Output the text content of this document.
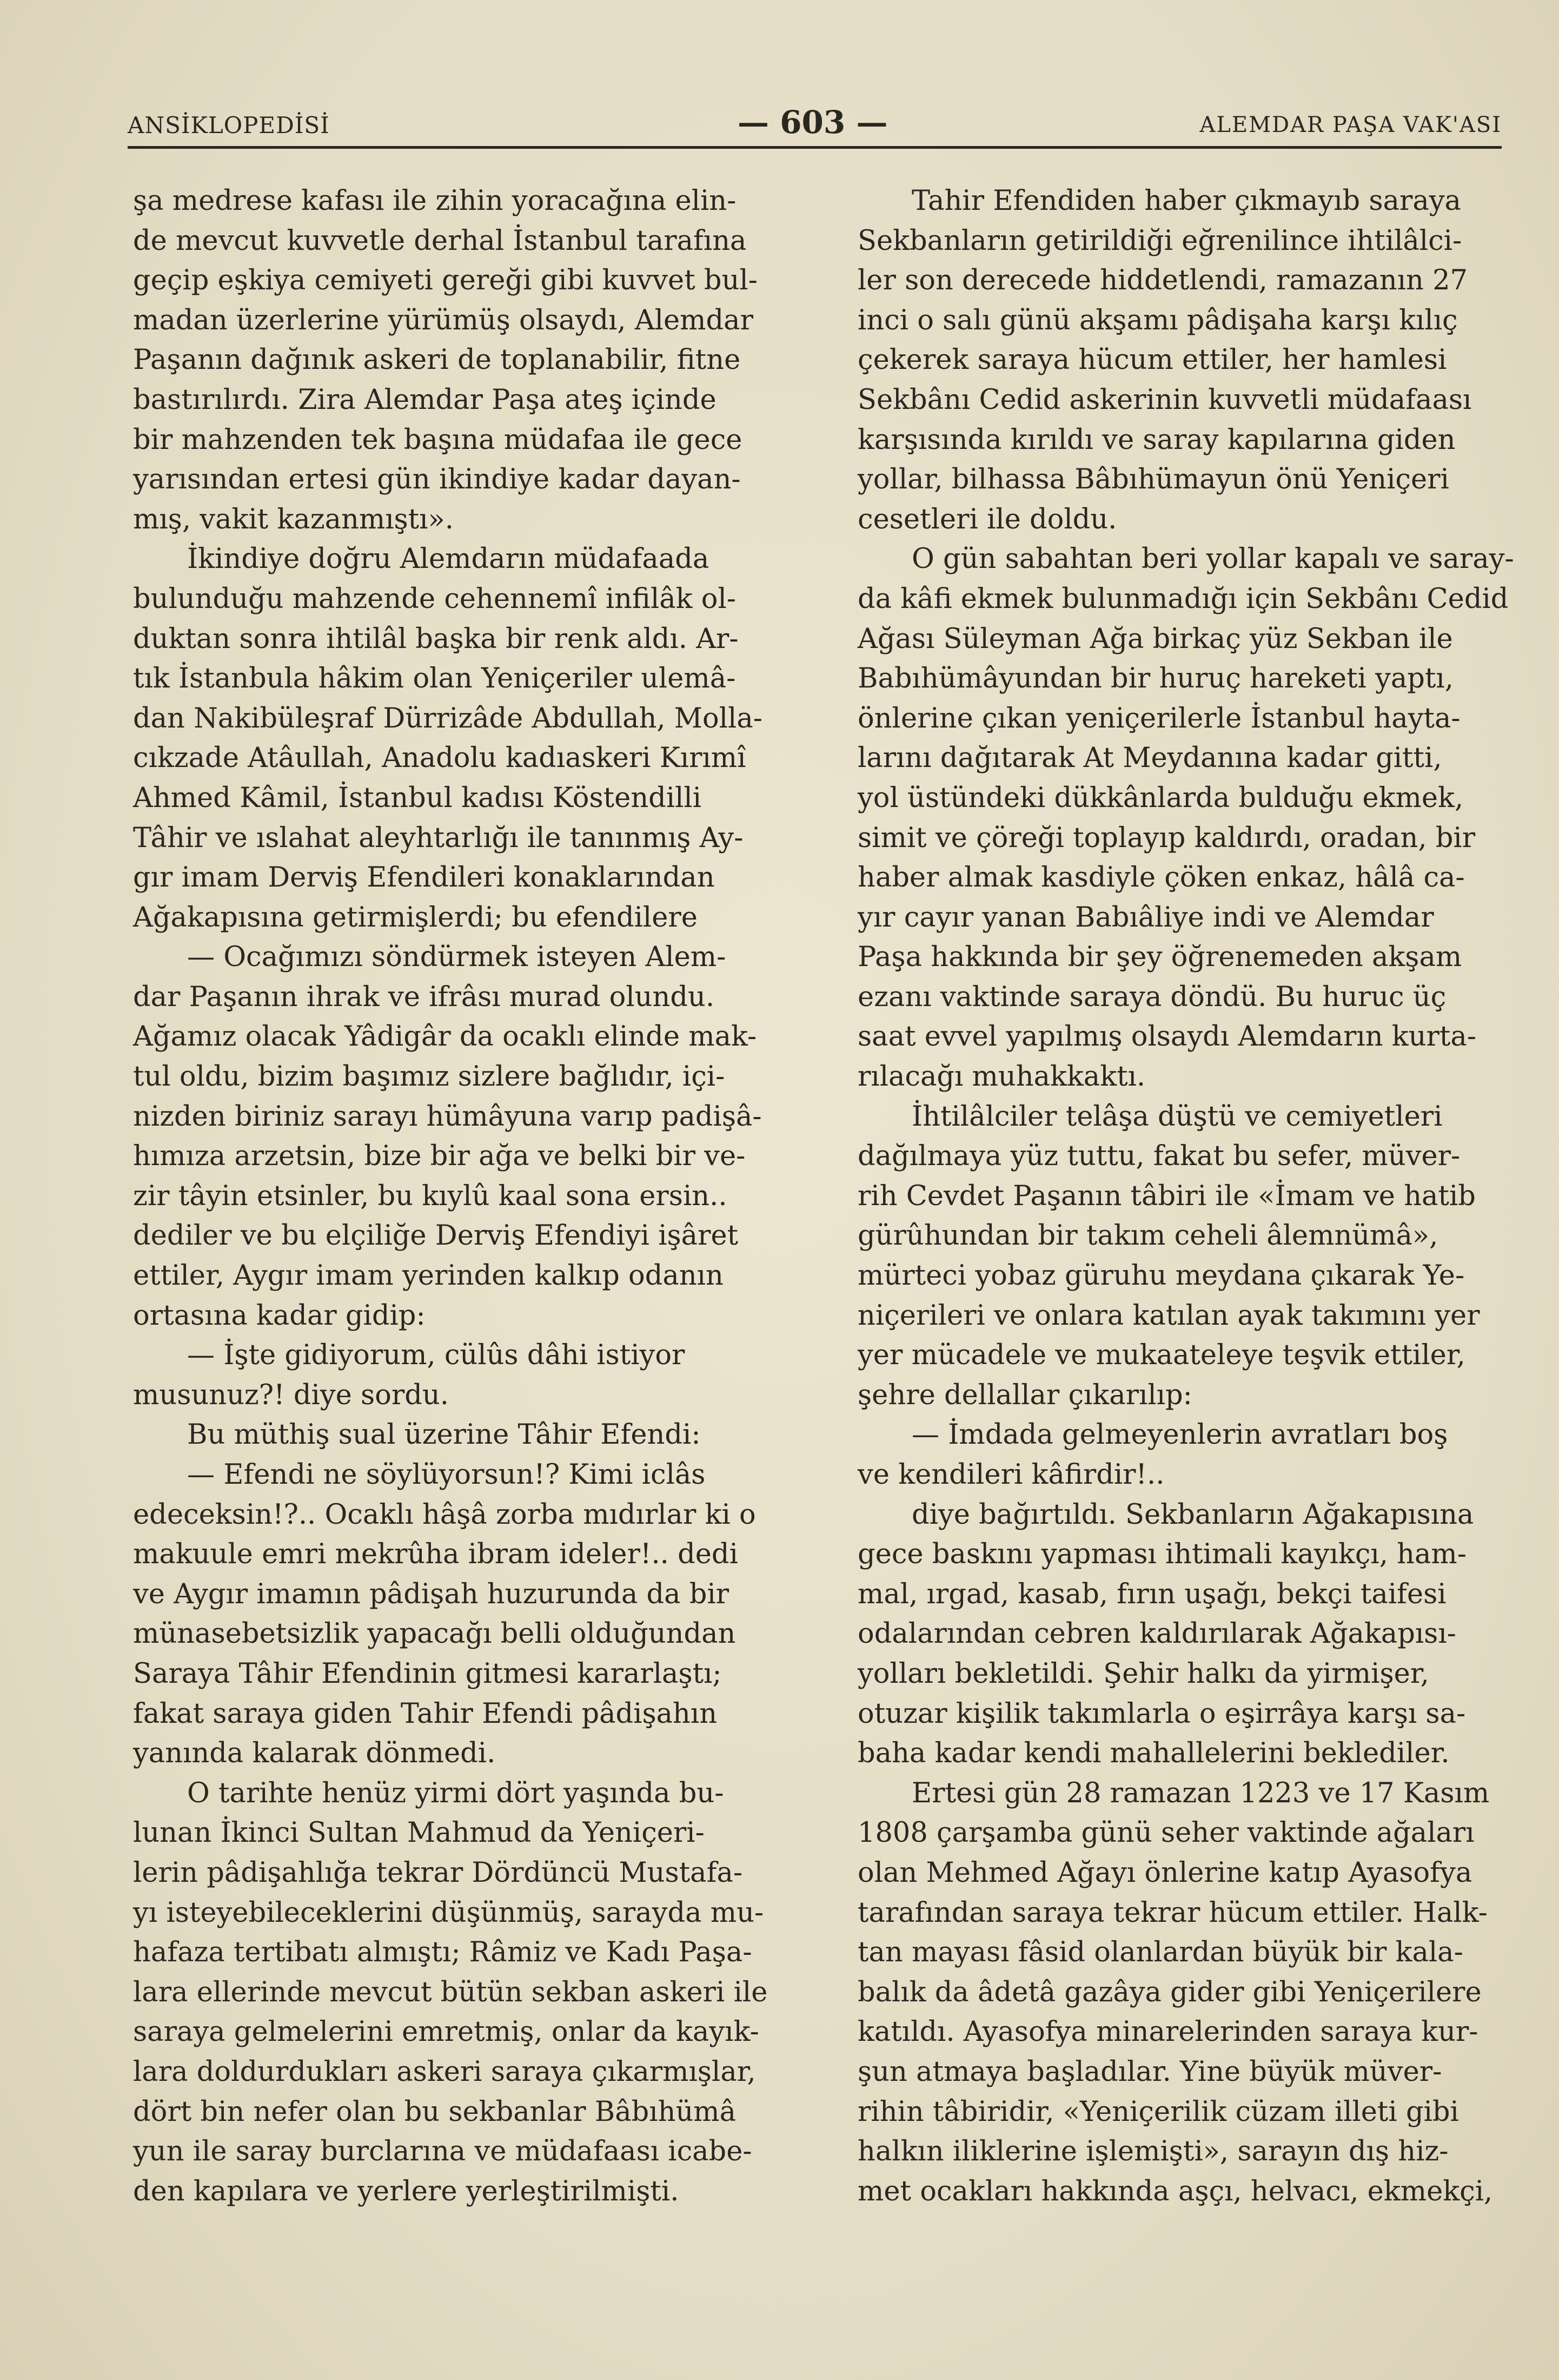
ANSİKLOPEDİSİ	— 603 —	ALEMDAR PAŞA VAK'ASI

şa medrese kafası ile zihin yoracağına elin-
de mevcut kuvvetle derhal İstanbul tarafına
geçip eşkiya cemiyeti gereği gibi kuvvet bul-
madan üzerlerine yürümüş olsaydı, Alemdar
Paşanın dağınık askeri de toplanabilir, fitne
bastırılırdı. Zira Alemdar Paşa ateş içinde
bir mahzenden tek başına müdafaa ile gece
yarısından ertesi gün ikindiye kadar dayan-
mış, vakit kazanmıştı».

İkindiye doğru Alemdarın müdafaada
bulunduğu mahzende cehennemî infilâk ol-
duktan sonra ihtilâl başka bir renk aldı. Ar-
tık İstanbula hâkim olan Yeniçeriler ulemâ-
dan Nakibüleşraf Dürrizâde Abdullah, Molla-
cıkzade Atâullah, Anadolu kadıaskeri Kırımî
Ahmed Kâmil, İstanbul kadısı Köstendilli
Tâhir ve ıslahat aleyhtarlığı ile tanınmış Ay-
gır imam Derviş Efendileri konaklarından
Ağakapısına getirmişlerdi; bu efendilere

— Ocağımızı söndürmek isteyen Alem-
dar Paşanın ihrak ve ifrâsı murad olundu.
Ağamız olacak Yâdigâr da ocaklı elinde mak-
tul oldu, bizim başımız sizlere bağlıdır, içi-
nizden biriniz sarayı hümâyuna varıp padişâ-
hımıza arzetsin, bize bir ağa ve belki bir ve-
zir tâyin etsinler, bu kıylû kaal sona ersin..
dediler ve bu elçiliğe Derviş Efendiyi işâret
ettiler, Aygır imam yerinden kalkıp odanın
ortasına kadar gidip:

— İşte gidiyorum, cülûs dâhi istiyor
musunuz?! diye sordu.

Bu müthiş sual üzerine Tâhir Efendi:

— Efendi ne söylüyorsun!? Kimi iclâs
edeceksin!?.. Ocaklı hâşâ zorba mıdırlar ki o
makuule emri mekrûha ibram ideler!.. dedi
ve Aygır imamın pâdişah huzurunda da bir
münasebetsizlik yapacağı belli olduğundan
Saraya Tâhir Efendinin gitmesi kararlaştı;
fakat saraya giden Tahir Efendi pâdişahın
yanında kalarak dönmedi.

O tarihte henüz yirmi dört yaşında bu-
lunan İkinci Sultan Mahmud da Yeniçeri-
lerin pâdişahlığa tekrar Dördüncü Mustafa-
yı isteyebileceklerini düşünmüş, sarayda mu-
hafaza tertibatı almıştı; Râmiz ve Kadı Paşa-
lara ellerinde mevcut bütün sekban askeri ile
saraya gelmelerini emretmiş, onlar da kayık-
lara doldurdukları askeri saraya çıkarmışlar,
dört bin nefer olan bu sekbanlar Bâbıhümâ
yun ile saray burclarına ve müdafaası icabe-
den kapılara ve yerlere yerleştirilmişti.

Tahir Efendiden haber çıkmayıb saraya
Sekbanların getirildiği eğrenilince ihtilâlci-
ler son derecede hiddetlendi, ramazanın 27
inci o salı günü akşamı pâdişaha karşı kılıç
çekerek saraya hücum ettiler, her hamlesi
Sekbânı Cedid askerinin kuvvetli müdafaası
karşısında kırıldı ve saray kapılarına giden
yollar, bilhassa Bâbıhümayun önü Yeniçeri
cesetleri ile doldu.

O gün sabahtan beri yollar kapalı ve saray-
da kâfi ekmek bulunmadığı için Sekbânı Cedid
Ağası Süleyman Ağa birkaç yüz Sekban ile
Babıhümâyundan bir huruç hareketi yaptı,
önlerine çıkan yeniçerilerle İstanbul hayta-
larını dağıtarak At Meydanına kadar gitti,
yol üstündeki dükkânlarda bulduğu ekmek,
simit ve çöreği toplayıp kaldırdı, oradan, bir
haber almak kasdiyle çöken enkaz, hâlâ ca-
yır cayır yanan Babıâliye indi ve Alemdar
Paşa hakkında bir şey öğrenemeden akşam
ezanı vaktinde saraya döndü. Bu huruc üç
saat evvel yapılmış olsaydı Alemdarın kurta-
rılacağı muhakkaktı.

İhtilâlciler telâşa düştü ve cemiyetleri
dağılmaya yüz tuttu, fakat bu sefer, müver-
rih Cevdet Paşanın tâbiri ile «İmam ve hatib
gürûhundan bir takım ceheli âlemnümâ»,
mürteci yobaz güruhu meydana çıkarak Ye-
niçerileri ve onlara katılan ayak takımını yer
yer mücadele ve mukaateleye teşvik ettiler,
şehre dellallar çıkarılıp:

— İmdada gelmeyenlerin avratları boş
ve kendileri kâfirdir!..

diye bağırtıldı. Sekbanların Ağakapısına
gece baskını yapması ihtimali kayıkçı, ham-
mal, ırgad, kasab, fırın uşağı, bekçi taifesi
odalarından cebren kaldırılarak Ağakapısı-
yolları bekletildi. Şehir halkı da yirmişer,
otuzar kişilik takımlarla o eşirrâya karşı sa-
baha kadar kendi mahallelerini beklediler.

Ertesi gün 28 ramazan 1223 ve 17 Kasım
1808 çarşamba günü seher vaktinde ağaları
olan Mehmed Ağayı önlerine katıp Ayasofya
tarafından saraya tekrar hücum ettiler. Halk-
tan mayası fâsid olanlardan büyük bir kala-
balık da âdetâ gazâya gider gibi Yeniçerilere
katıldı. Ayasofya minarelerinden saraya kur-
şun atmaya başladılar. Yine büyük müver-
rihin tâbiridir, «Yeniçerilik cüzam illeti gibi
halkın iliklerine işlemişti», sarayın dış hiz-
met ocakları hakkında aşçı, helvacı, ekmekçi,
